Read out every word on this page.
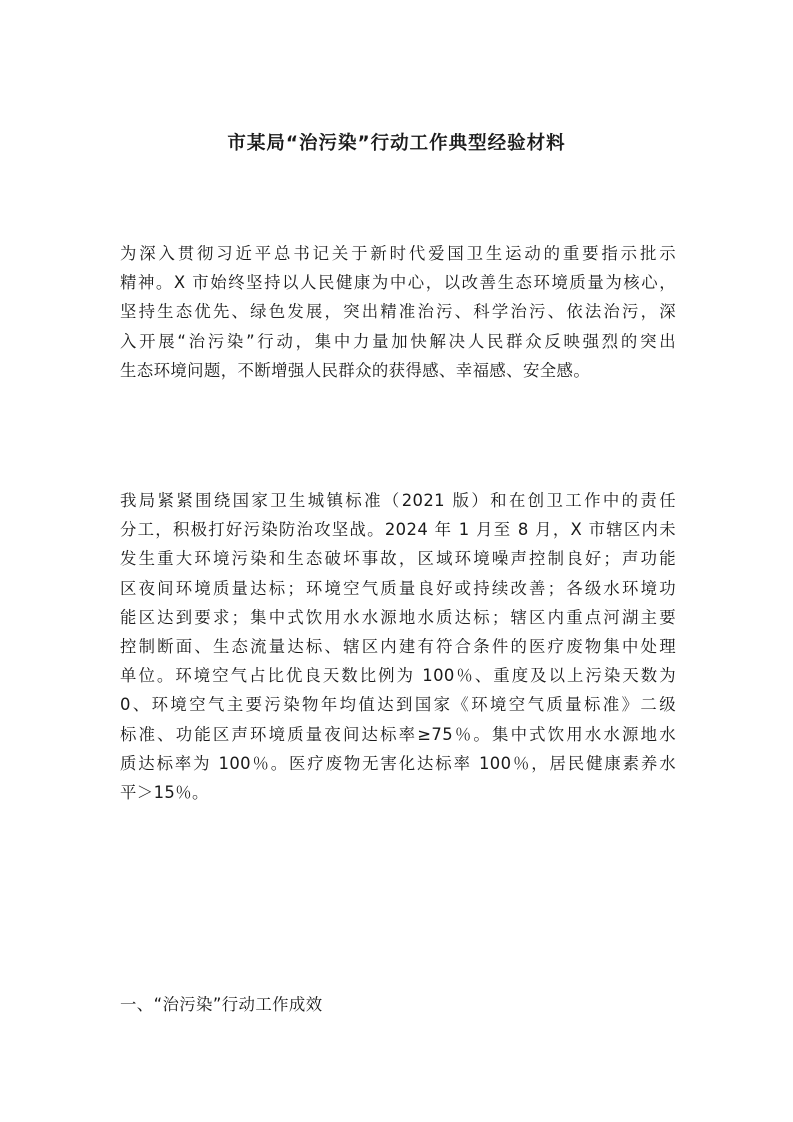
市某局“治污染”行动工作典型经验材料

为深入贯彻习近平总书记关于新时代爱国卫生运动的重要指示批示
精神。X 市始终坚持以人民健康为中心，以改善生态环境质量为核心，
坚持生态优先、绿色发展，突出精准治污、科学治污、依法治污，深
入开展“治污染”行动，集中力量加快解决人民群众反映强烈的突出
生态环境问题，不断增强人民群众的获得感、幸福感、安全感。

我局紧紧围绕国家卫生城镇标准（2021 版）和在创卫工作中的责任
分工，积极打好污染防治攻坚战。2024 年 1 月至 8 月，X 市辖区内未
发生重大环境污染和生态破坏事故，区域环境噪声控制良好；声功能
区夜间环境质量达标；环境空气质量良好或持续改善；各级水环境功
能区达到要求；集中式饮用水水源地水质达标；辖区内重点河湖主要
控制断面、生态流量达标、辖区内建有符合条件的医疗废物集中处理
单位。环境空气占比优良天数比例为 100％、重度及以上污染天数为
0、环境空气主要污染物年均值达到国家《环境空气质量标准》二级
标准、功能区声环境质量夜间达标率≥75％。集中式饮用水水源地水
质达标率为 100％。医疗废物无害化达标率 100％，居民健康素养水
平＞15％。

一、“治污染”行动工作成效
